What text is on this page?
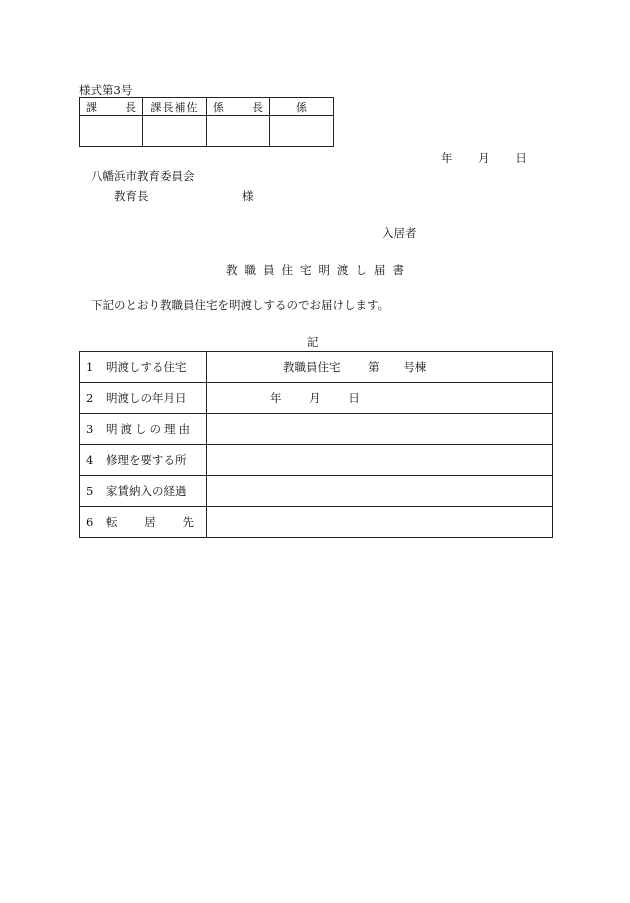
様式第3号
課 長	課長補佐	係 長	係

年 月 日
八幡浜市教育委員会
教育長	様
入居者
教職員住宅明渡し届書
下記のとおり教職員住宅を明渡しするのでお届けします。
記
1 明渡しする住宅	教職員住宅 第 号棟

2 明渡しの年月日	年 月 日

3 明渡しの理由	

4 修理を要する所	

5 家賃納入の経過	

6 転 居 先	
